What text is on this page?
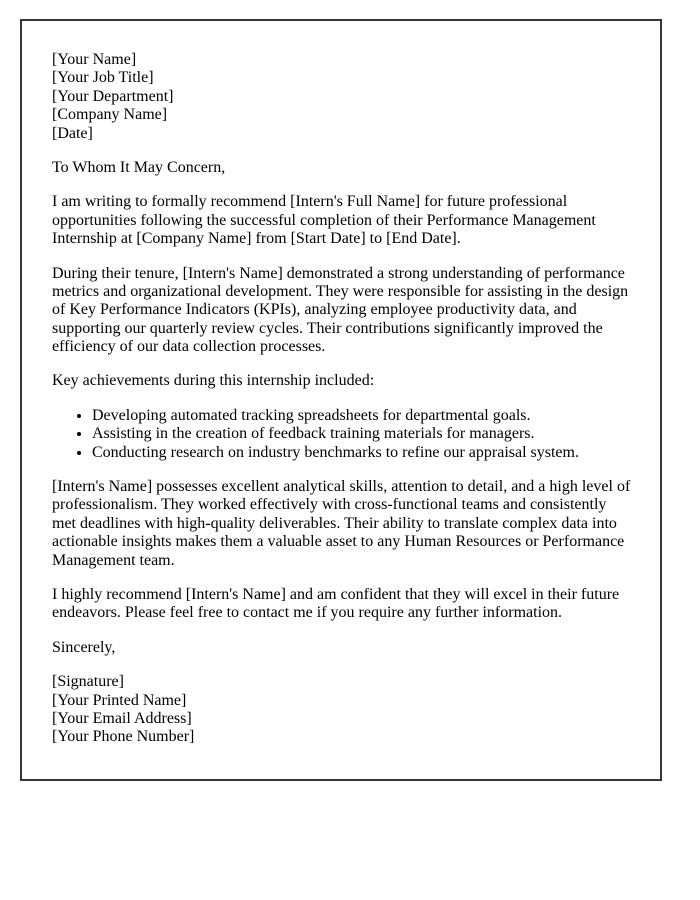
[Your Name]
[Your Job Title]
[Your Department]
[Company Name]
[Date]

To Whom It May Concern,

I am writing to formally recommend [Intern's Full Name] for future professional opportunities following the successful completion of their Performance Management Internship at [Company Name] from [Start Date] to [End Date].

During their tenure, [Intern's Name] demonstrated a strong understanding of performance metrics and organizational development. They were responsible for assisting in the design of Key Performance Indicators (KPIs), analyzing employee productivity data, and supporting our quarterly review cycles. Their contributions significantly improved the efficiency of our data collection processes.

Key achievements during this internship included:

• Developing automated tracking spreadsheets for departmental goals.
• Assisting in the creation of feedback training materials for managers.
• Conducting research on industry benchmarks to refine our appraisal system.

[Intern's Name] possesses excellent analytical skills, attention to detail, and a high level of professionalism. They worked effectively with cross-functional teams and consistently met deadlines with high-quality deliverables. Their ability to translate complex data into actionable insights makes them a valuable asset to any Human Resources or Performance Management team.

I highly recommend [Intern's Name] and am confident that they will excel in their future endeavors. Please feel free to contact me if you require any further information.

Sincerely,

[Signature]
[Your Printed Name]
[Your Email Address]
[Your Phone Number]
